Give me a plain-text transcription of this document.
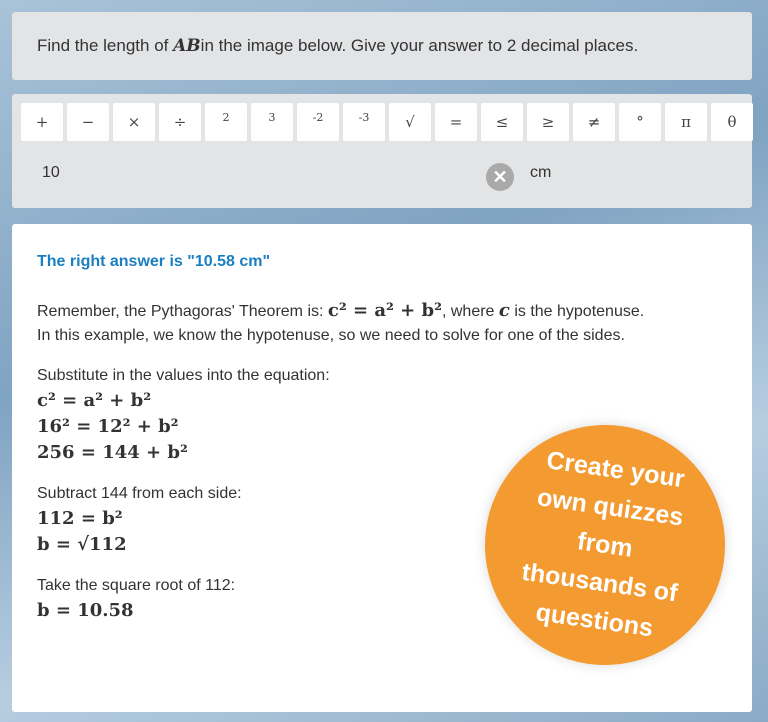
Find the length of
AB in the image below. Give your answer to 2 decimal places.
+	−	×	÷	2	3	-2	-3	√	=	≤	≥	≠	°	π	θ
10	✕	cm
The right answer is "10.58 cm"

Remember, the Pythagoras' Theorem is: c² = a² + b², where c is the hypotenuse.

In this example, we know the hypotenuse, so we need to solve for one of the sides.

Substitute in the values into the equation:

c² = a² + b²

16² = 12² + b²

256 = 144 + b²

Subtract 144 from each side:

112 = b²

b = √112

Take the square root of 112:

b = 10.58

Create your own quizzes from thousands of questions
